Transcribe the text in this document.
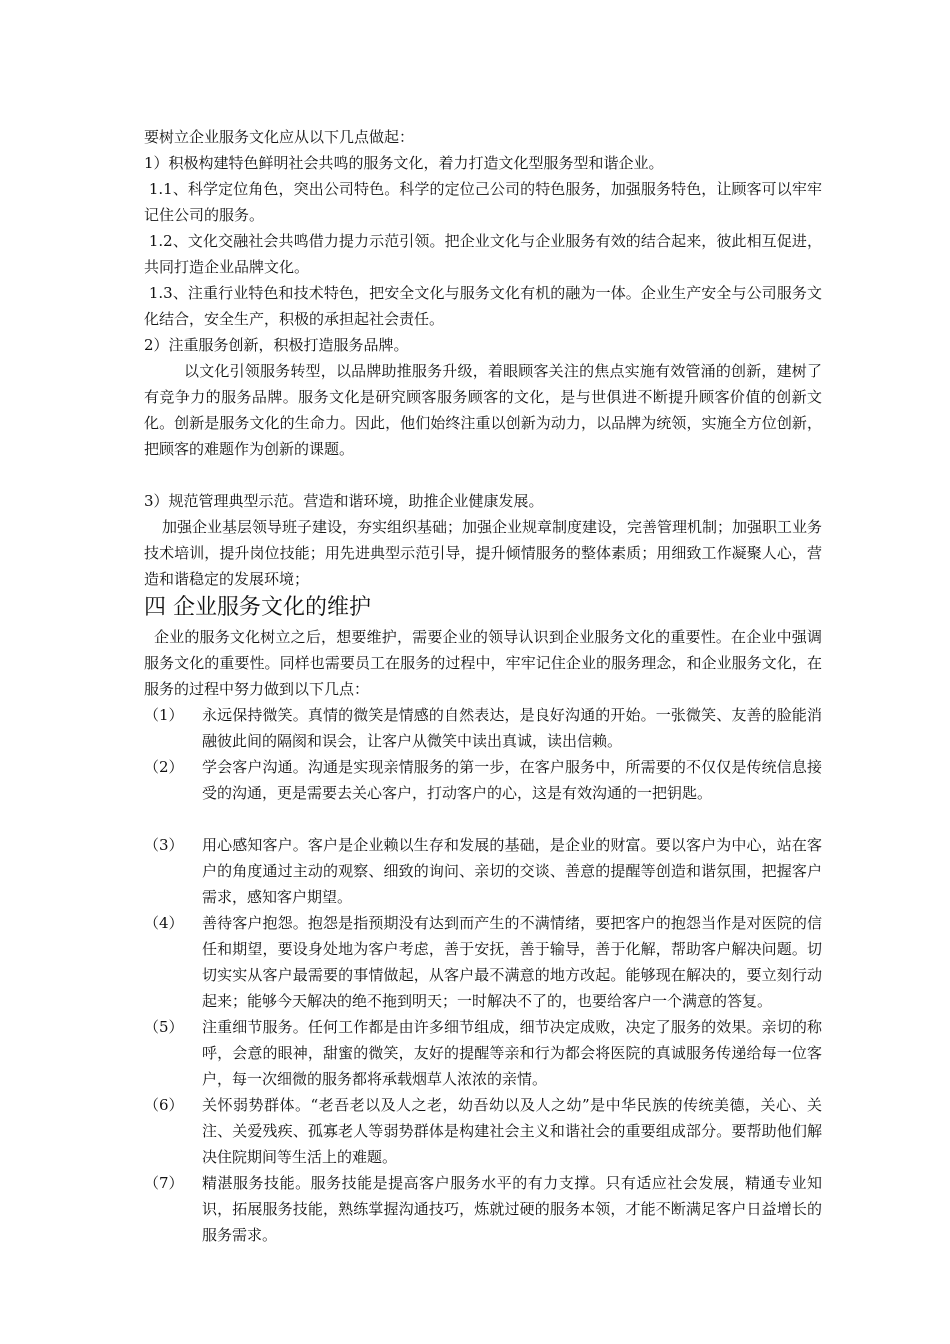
要树立企业服务文化应从以下几点做起：

1）积极构建特色鲜明社会共鸣的服务文化，着力打造文化型服务型和谐企业。

1.1、科学定位角色，突出公司特色。科学的定位己公司的特色服务，加强服务特色，让顾客可以牢牢记住公司的服务。

1.2、文化交融社会共鸣借力提力示范引领。把企业文化与企业服务有效的结合起来，彼此相互促进，共同打造企业品牌文化。

1.3、注重行业特色和技术特色，把安全文化与服务文化有机的融为一体。企业生产安全与公司服务文化结合，安全生产，积极的承担起社会责任。

2）注重服务创新，积极打造服务品牌。

以文化引领服务转型，以品牌助推服务升级，着眼顾客关注的焦点实施有效管涌的创新，建树了有竞争力的服务品牌。服务文化是研究顾客服务顾客的文化，是与世俱进不断提升顾客价值的创新文化。创新是服务文化的生命力。因此，他们始终注重以创新为动力，以品牌为统领，实施全方位创新，把顾客的难题作为创新的课题。

3）规范管理典型示范。营造和谐环境，助推企业健康发展。

加强企业基层领导班子建设，夯实组织基础；加强企业规章制度建设，完善管理机制；加强职工业务技术培训，提升岗位技能；用先进典型示范引导，提升倾情服务的整体素质；用细致工作凝聚人心，营造和谐稳定的发展环境；

四 企业服务文化的维护

企业的服务文化树立之后，想要维护，需要企业的领导认识到企业服务文化的重要性。在企业中强调服务文化的重要性。同样也需要员工在服务的过程中，牢牢记住企业的服务理念，和企业服务文化，在服务的过程中努力做到以下几点：

（1）	永远保持微笑。真情的微笑是情感的自然表达，是良好沟通的开始。一张微笑、友善的脸能消融彼此间的隔阂和误会，让客户从微笑中读出真诚，读出信赖。
（2）	学会客户沟通。沟通是实现亲情服务的第一步，在客户服务中，所需要的不仅仅是传统信息接受的沟通，更是需要去关心客户，打动客户的心，这是有效沟通的一把钥匙。
（3）	用心感知客户。客户是企业赖以生存和发展的基础，是企业的财富。要以客户为中心，站在客户的角度通过主动的观察、细致的询问、亲切的交谈、善意的提醒等创造和谐氛围，把握客户需求，感知客户期望。
（4）	善待客户抱怨。抱怨是指预期没有达到而产生的不满情绪，要把客户的抱怨当作是对医院的信任和期望，要设身处地为客户考虑，善于安抚，善于输导，善于化解，帮助客户解决问题。切切实实从客户最需要的事情做起，从客户最不满意的地方改起。能够现在解决的，要立刻行动起来；能够今天解决的绝不拖到明天；一时解决不了的，也要给客户一个满意的答复。
（5）	注重细节服务。任何工作都是由许多细节组成，细节决定成败，决定了服务的效果。亲切的称呼，会意的眼神，甜蜜的微笑，友好的提醒等亲和行为都会将医院的真诚服务传递给每一位客户，每一次细微的服务都将承载烟草人浓浓的亲情。
（6）	关怀弱势群体。“老吾老以及人之老，幼吾幼以及人之幼”是中华民族的传统美德，关心、关注、关爱残疾、孤寡老人等弱势群体是构建社会主义和谐社会的重要组成部分。要帮助他们解决住院期间等生活上的难题。
（7）	精湛服务技能。服务技能是提高客户服务水平的有力支撑。只有适应社会发展，精通专业知识，拓展服务技能，熟练掌握沟通技巧，炼就过硬的服务本领，才能不断满足客户日益增长的服务需求。
